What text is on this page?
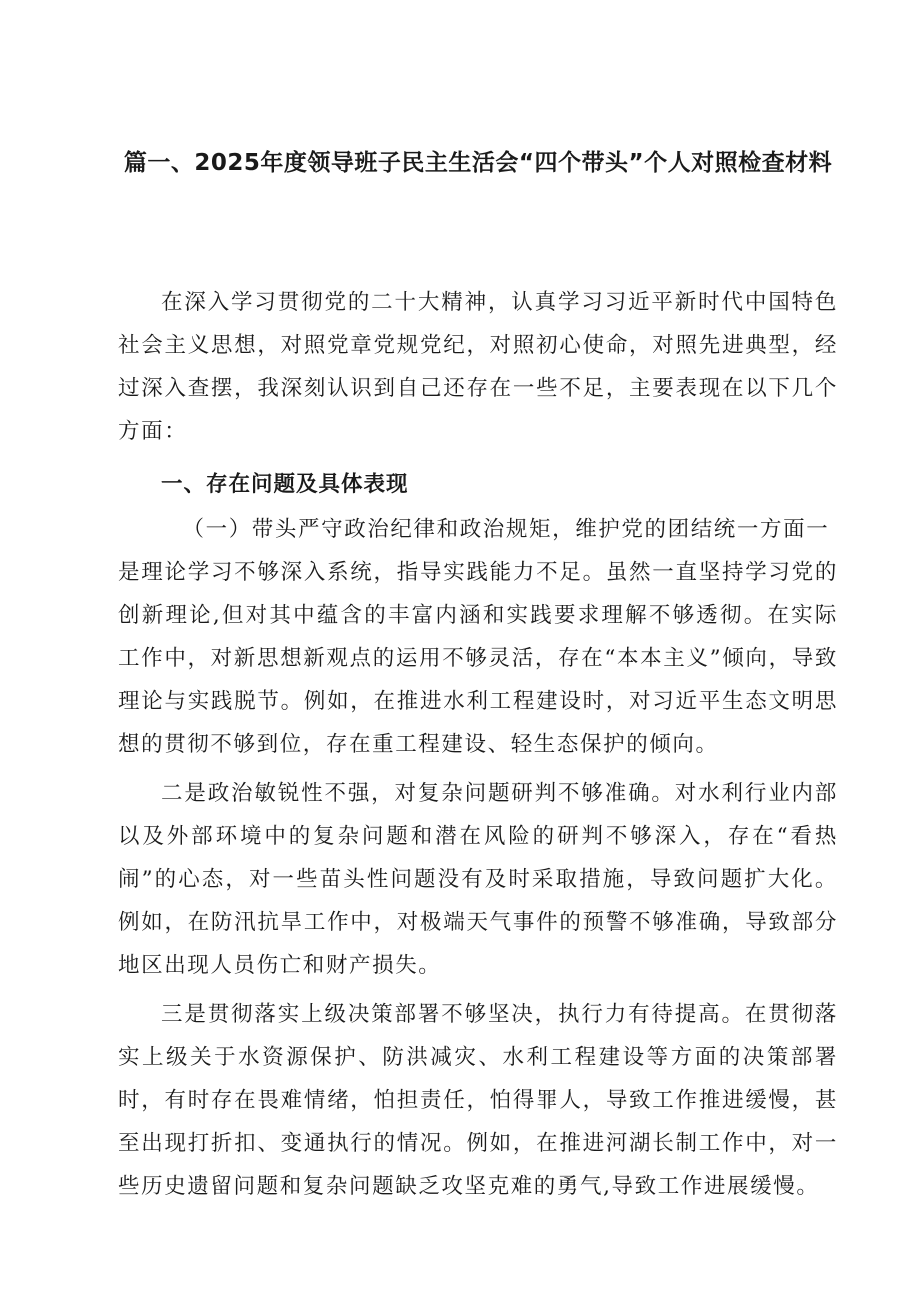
篇一、2025年度领导班子民主生活会“四个带头”个人对照检查材料

在深入学习贯彻党的二十大精神，认真学习习近平新时代中国特色社会主义思想，对照党章党规党纪，对照初心使命，对照先进典型，经过深入查摆，我深刻认识到自己还存在一些不足，主要表现在以下几个方面：

一、存在问题及具体表现

（一）带头严守政治纪律和政治规矩，维护党的团结统一方面一

是理论学习不够深入系统，指导实践能力不足。虽然一直坚持学习党的创新理论,但对其中蕴含的丰富内涵和实践要求理解不够透彻。在实际工作中，对新思想新观点的运用不够灵活，存在“本本主义”倾向，导致理论与实践脱节。例如，在推进水利工程建设时，对习近平生态文明思想的贯彻不够到位，存在重工程建设、轻生态保护的倾向。

二是政治敏锐性不强，对复杂问题研判不够准确。对水利行业内部以及外部环境中的复杂问题和潜在风险的研判不够深入，存在“看热闹”的心态，对一些苗头性问题没有及时采取措施，导致问题扩大化。例如，在防汛抗旱工作中，对极端天气事件的预警不够准确，导致部分地区出现人员伤亡和财产损失。

三是贯彻落实上级决策部署不够坚决，执行力有待提高。在贯彻落实上级关于水资源保护、防洪减灾、水利工程建设等方面的决策部署时，有时存在畏难情绪，怕担责任，怕得罪人，导致工作推进缓慢，甚至出现打折扣、变通执行的情况。例如，在推进河湖长制工作中，对一些历史遗留问题和复杂问题缺乏攻坚克难的勇气,导致工作进展缓慢。
